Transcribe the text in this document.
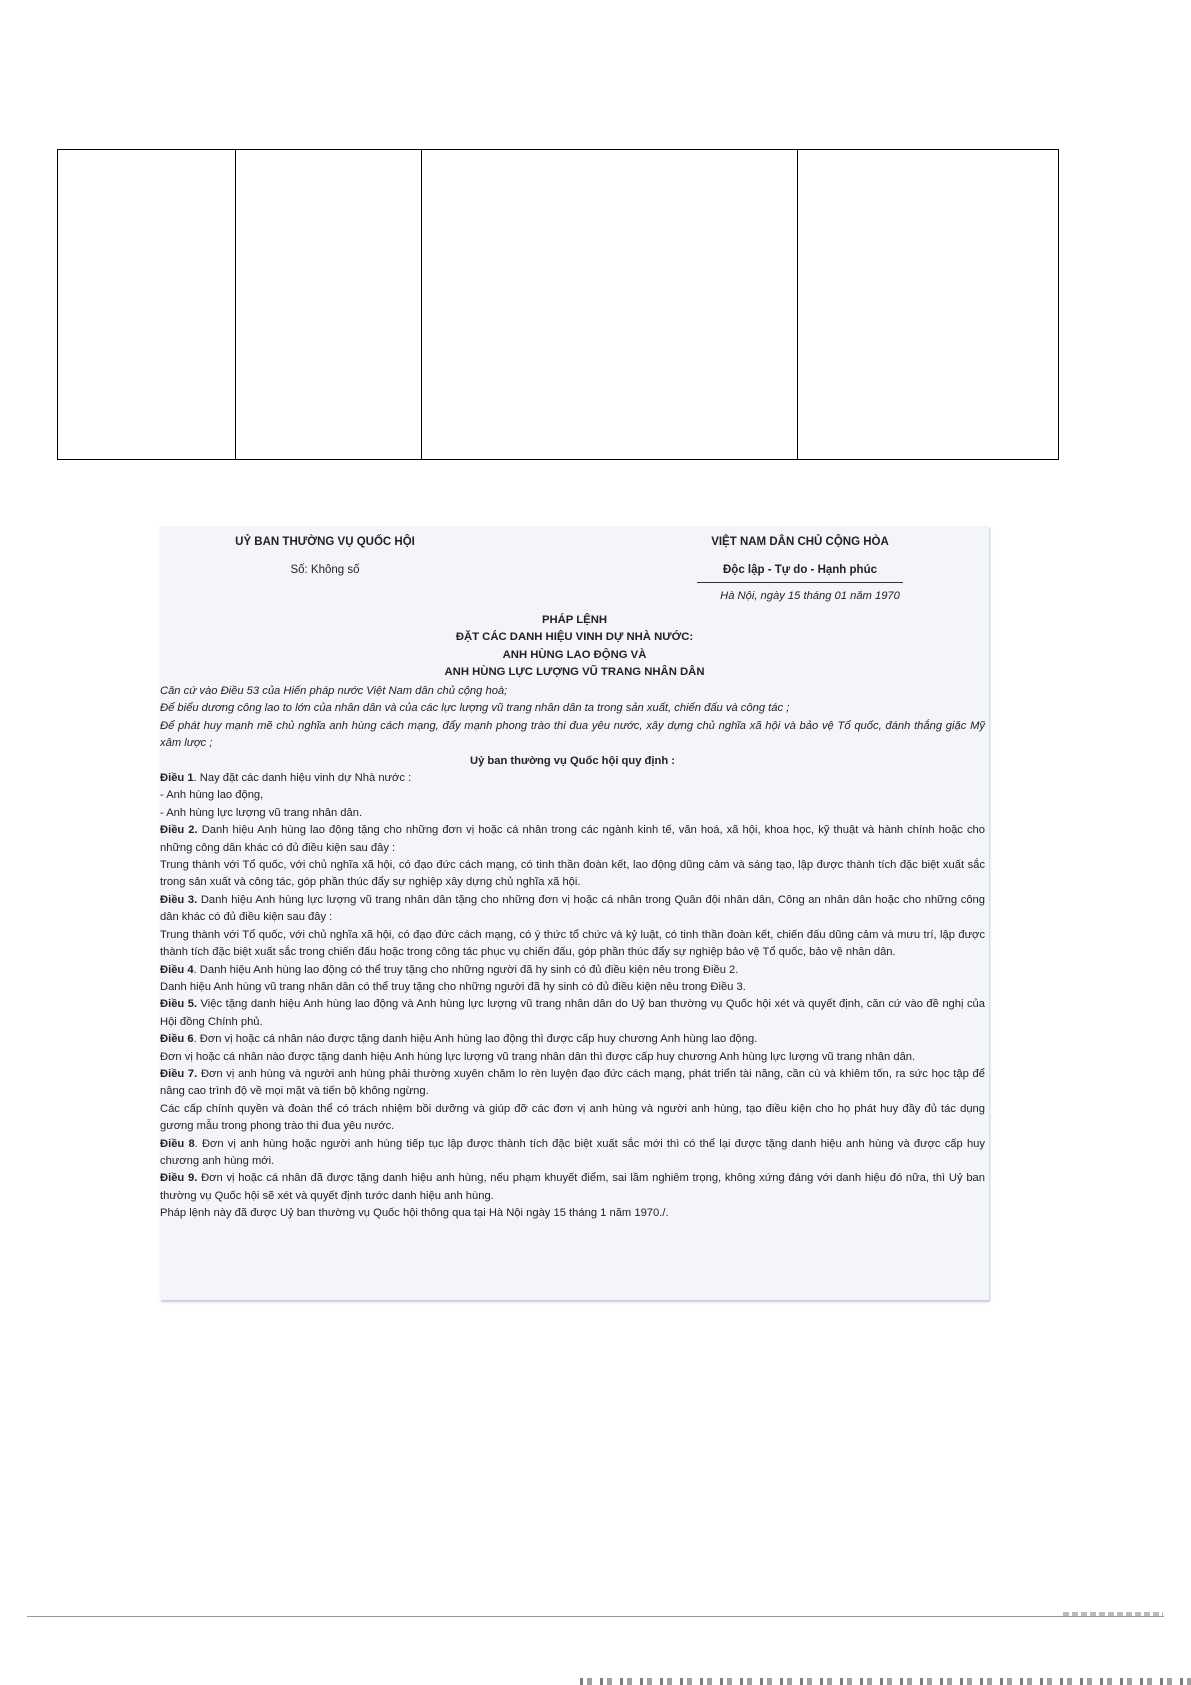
UỶ BAN THƯỜNG VỤ QUỐC HỘI
Số: Không số
VIỆT NAM DÂN CHỦ CỘNG HÒA
Độc lập - Tự do - Hạnh phúc
Hà Nội, ngày 15 tháng 01 năm 1970
PHÁP LỆNH
ĐẶT CÁC DANH HIỆU VINH DỰ NHÀ NƯỚC:
ANH HÙNG LAO ĐỘNG VÀ
ANH HÙNG LỰC LƯỢNG VŨ TRANG NHÂN DÂN

Căn cứ vào Điều 53 của Hiến pháp nước Việt Nam dân chủ cộng hoà;

Để biểu dương công lao to lớn của nhân dân và của các lực lượng vũ trang nhân dân ta trong sản xuất, chiến đấu và công tác ;

Để phát huy mạnh mẽ chủ nghĩa anh hùng cách mạng, đẩy mạnh phong trào thi đua yêu nước, xây dựng chủ nghĩa xã hội và bảo vệ Tổ quốc, đánh thắng giặc Mỹ xâm lược ;

Uỷ ban thường vụ Quốc hội quy định :

Điều 1. Nay đặt các danh hiệu vinh dự Nhà nước :

- Anh hùng lao động,

- Anh hùng lực lượng vũ trang nhân dân.

Điều 2. Danh hiệu Anh hùng lao động tặng cho những đơn vị hoặc cá nhân trong các ngành kinh tế, văn hoá, xã hội, khoa học, kỹ thuật và hành chính hoặc cho những công dân khác có đủ điều kiện sau đây :

Trung thành với Tổ quốc, với chủ nghĩa xã hội, có đạo đức cách mạng, có tinh thần đoàn kết, lao động dũng cảm và sáng tạo, lập được thành tích đặc biệt xuất sắc trong sản xuất và công tác, góp phần thúc đẩy sự nghiệp xây dựng chủ nghĩa xã hội.

Điều 3. Danh hiệu Anh hùng lực lượng vũ trang nhân dân tặng cho những đơn vị hoặc cá nhân trong Quân đội nhân dân, Công an nhân dân hoặc cho những công dân khác có đủ điều kiện sau đây :

Trung thành với Tổ quốc, với chủ nghĩa xã hội, có đạo đức cách mạng, có ý thức tổ chức và kỷ luật, có tinh thần đoàn kết, chiến đấu dũng cảm và mưu trí, lập được thành tích đặc biệt xuất sắc trong chiến đấu hoặc trong công tác phục vụ chiến đấu, góp phần thúc đẩy sự nghiệp bảo vệ Tổ quốc, bảo vệ nhân dân.

Điều 4. Danh hiệu Anh hùng lao động có thể truy tặng cho những người đã hy sinh có đủ điều kiện nêu trong Điều 2.

Danh hiệu Anh hùng vũ trang nhân dân có thể truy tặng cho những người đã hy sinh có đủ điều kiện nêu trong Điều 3.

Điều 5. Việc tặng danh hiệu Anh hùng lao động và Anh hùng lực lượng vũ trang nhân dân do Uỷ ban thường vụ Quốc hội xét và quyết định, căn cứ vào đề nghị của Hội đồng Chính phủ.

Điều 6. Đơn vị hoặc cá nhân nào được tặng danh hiệu Anh hùng lao động thì được cấp huy chương Anh hùng lao động.

Đơn vị hoặc cá nhân nào được tặng danh hiệu Anh hùng lực lượng vũ trang nhân dân thì được cấp huy chương Anh hùng lực lượng vũ trang nhân dân.

Điều 7. Đơn vị anh hùng và người anh hùng phải thường xuyên chăm lo rèn luyện đạo đức cách mạng, phát triển tài năng, cần cù và khiêm tốn, ra sức học tập để nâng cao trình độ về mọi mặt và tiến bộ không ngừng.

Các cấp chính quyền và đoàn thể có trách nhiệm bồi dưỡng và giúp đỡ các đơn vị anh hùng và người anh hùng, tạo điều kiện cho họ phát huy đầy đủ tác dụng gương mẫu trong phong trào thi đua yêu nước.

Điều 8. Đơn vị anh hùng hoặc người anh hùng tiếp tục lập được thành tích đặc biệt xuất sắc mới thì có thể lại được tặng danh hiệu anh hùng và được cấp huy chương anh hùng mới.

Điều 9. Đơn vị hoặc cá nhân đã được tặng danh hiệu anh hùng, nếu phạm khuyết điểm, sai lầm nghiêm trọng, không xứng đáng với danh hiệu đó nữa, thì Uỷ ban thường vụ Quốc hội sẽ xét và quyết định tước danh hiệu anh hùng.

Pháp lệnh này đã được Uỷ ban thường vụ Quốc hội thông qua tại Hà Nội ngày 15 tháng 1 năm 1970./.
